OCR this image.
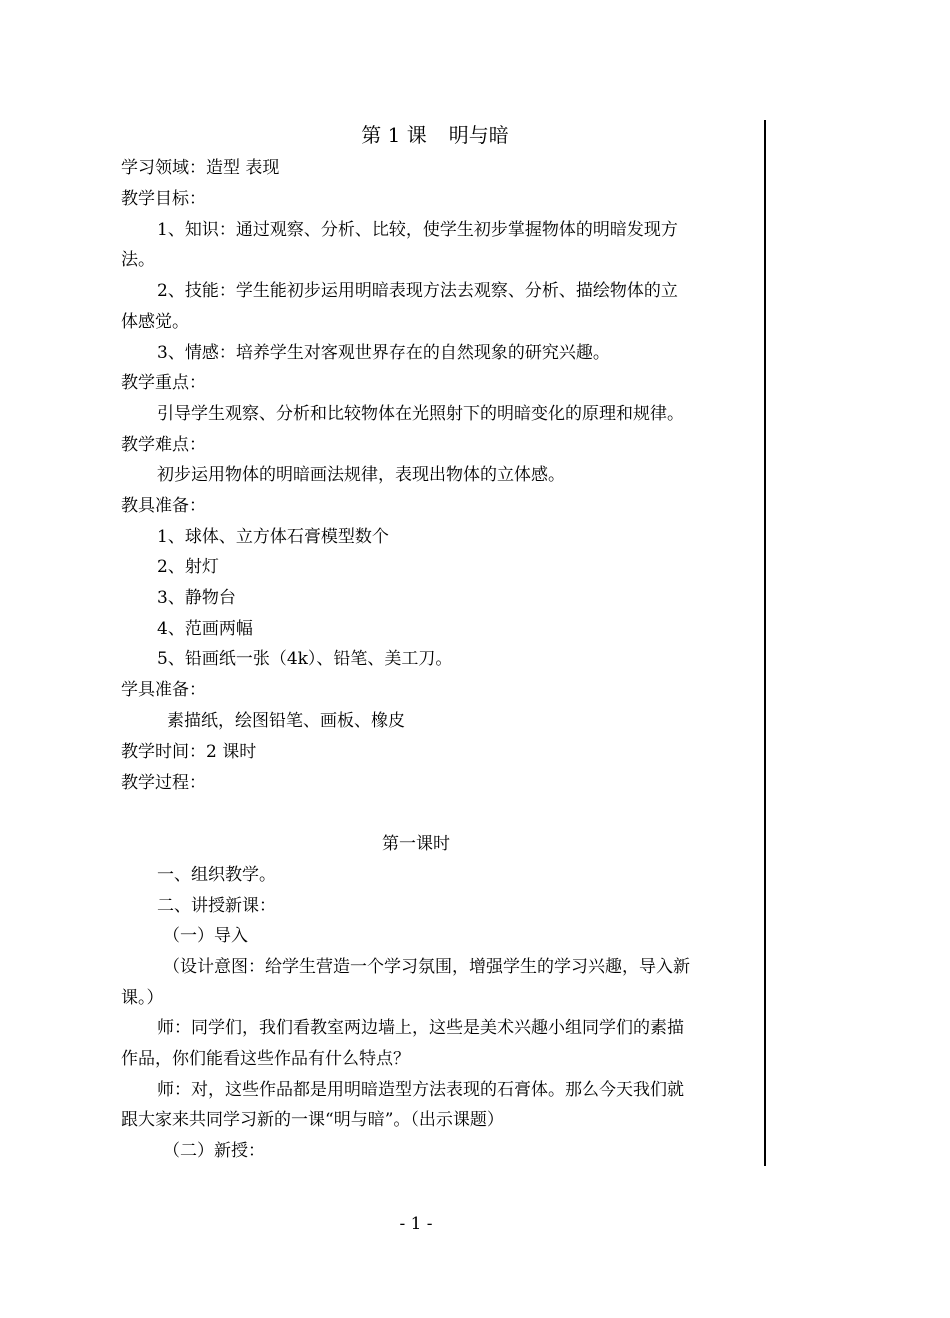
第 1 课 明与暗
学习领域：造型 表现
教学目标：
1、知识：通过观察、分析、比较，使学生初步掌握物体的明暗发现方
法。
2、技能：学生能初步运用明暗表现方法去观察、分析、描绘物体的立
体感觉。
3、情感：培养学生对客观世界存在的自然现象的研究兴趣。
教学重点：
引导学生观察、分析和比较物体在光照射下的明暗变化的原理和规律。
教学难点：
初步运用物体的明暗画法规律，表现出物体的立体感。
教具准备：
1、球体、立方体石膏模型数个
2、射灯
3、静物台
4、范画两幅
5、铅画纸一张（4k）、铅笔、美工刀。
学具准备：
素描纸，绘图铅笔、画板、橡皮
教学时间：2 课时
教学过程：
第一课时
一、组织教学。
二、讲授新课：
（一）导入
（设计意图：给学生营造一个学习氛围，增强学生的学习兴趣，导入新
课。）
师：同学们，我们看教室两边墙上，这些是美术兴趣小组同学们的素描
作品，你们能看这些作品有什么特点？
师：对，这些作品都是用明暗造型方法表现的石膏体。那么今天我们就
跟大家来共同学习新的一课“明与暗”。（出示课题）
（二）新授：
- 1 -
